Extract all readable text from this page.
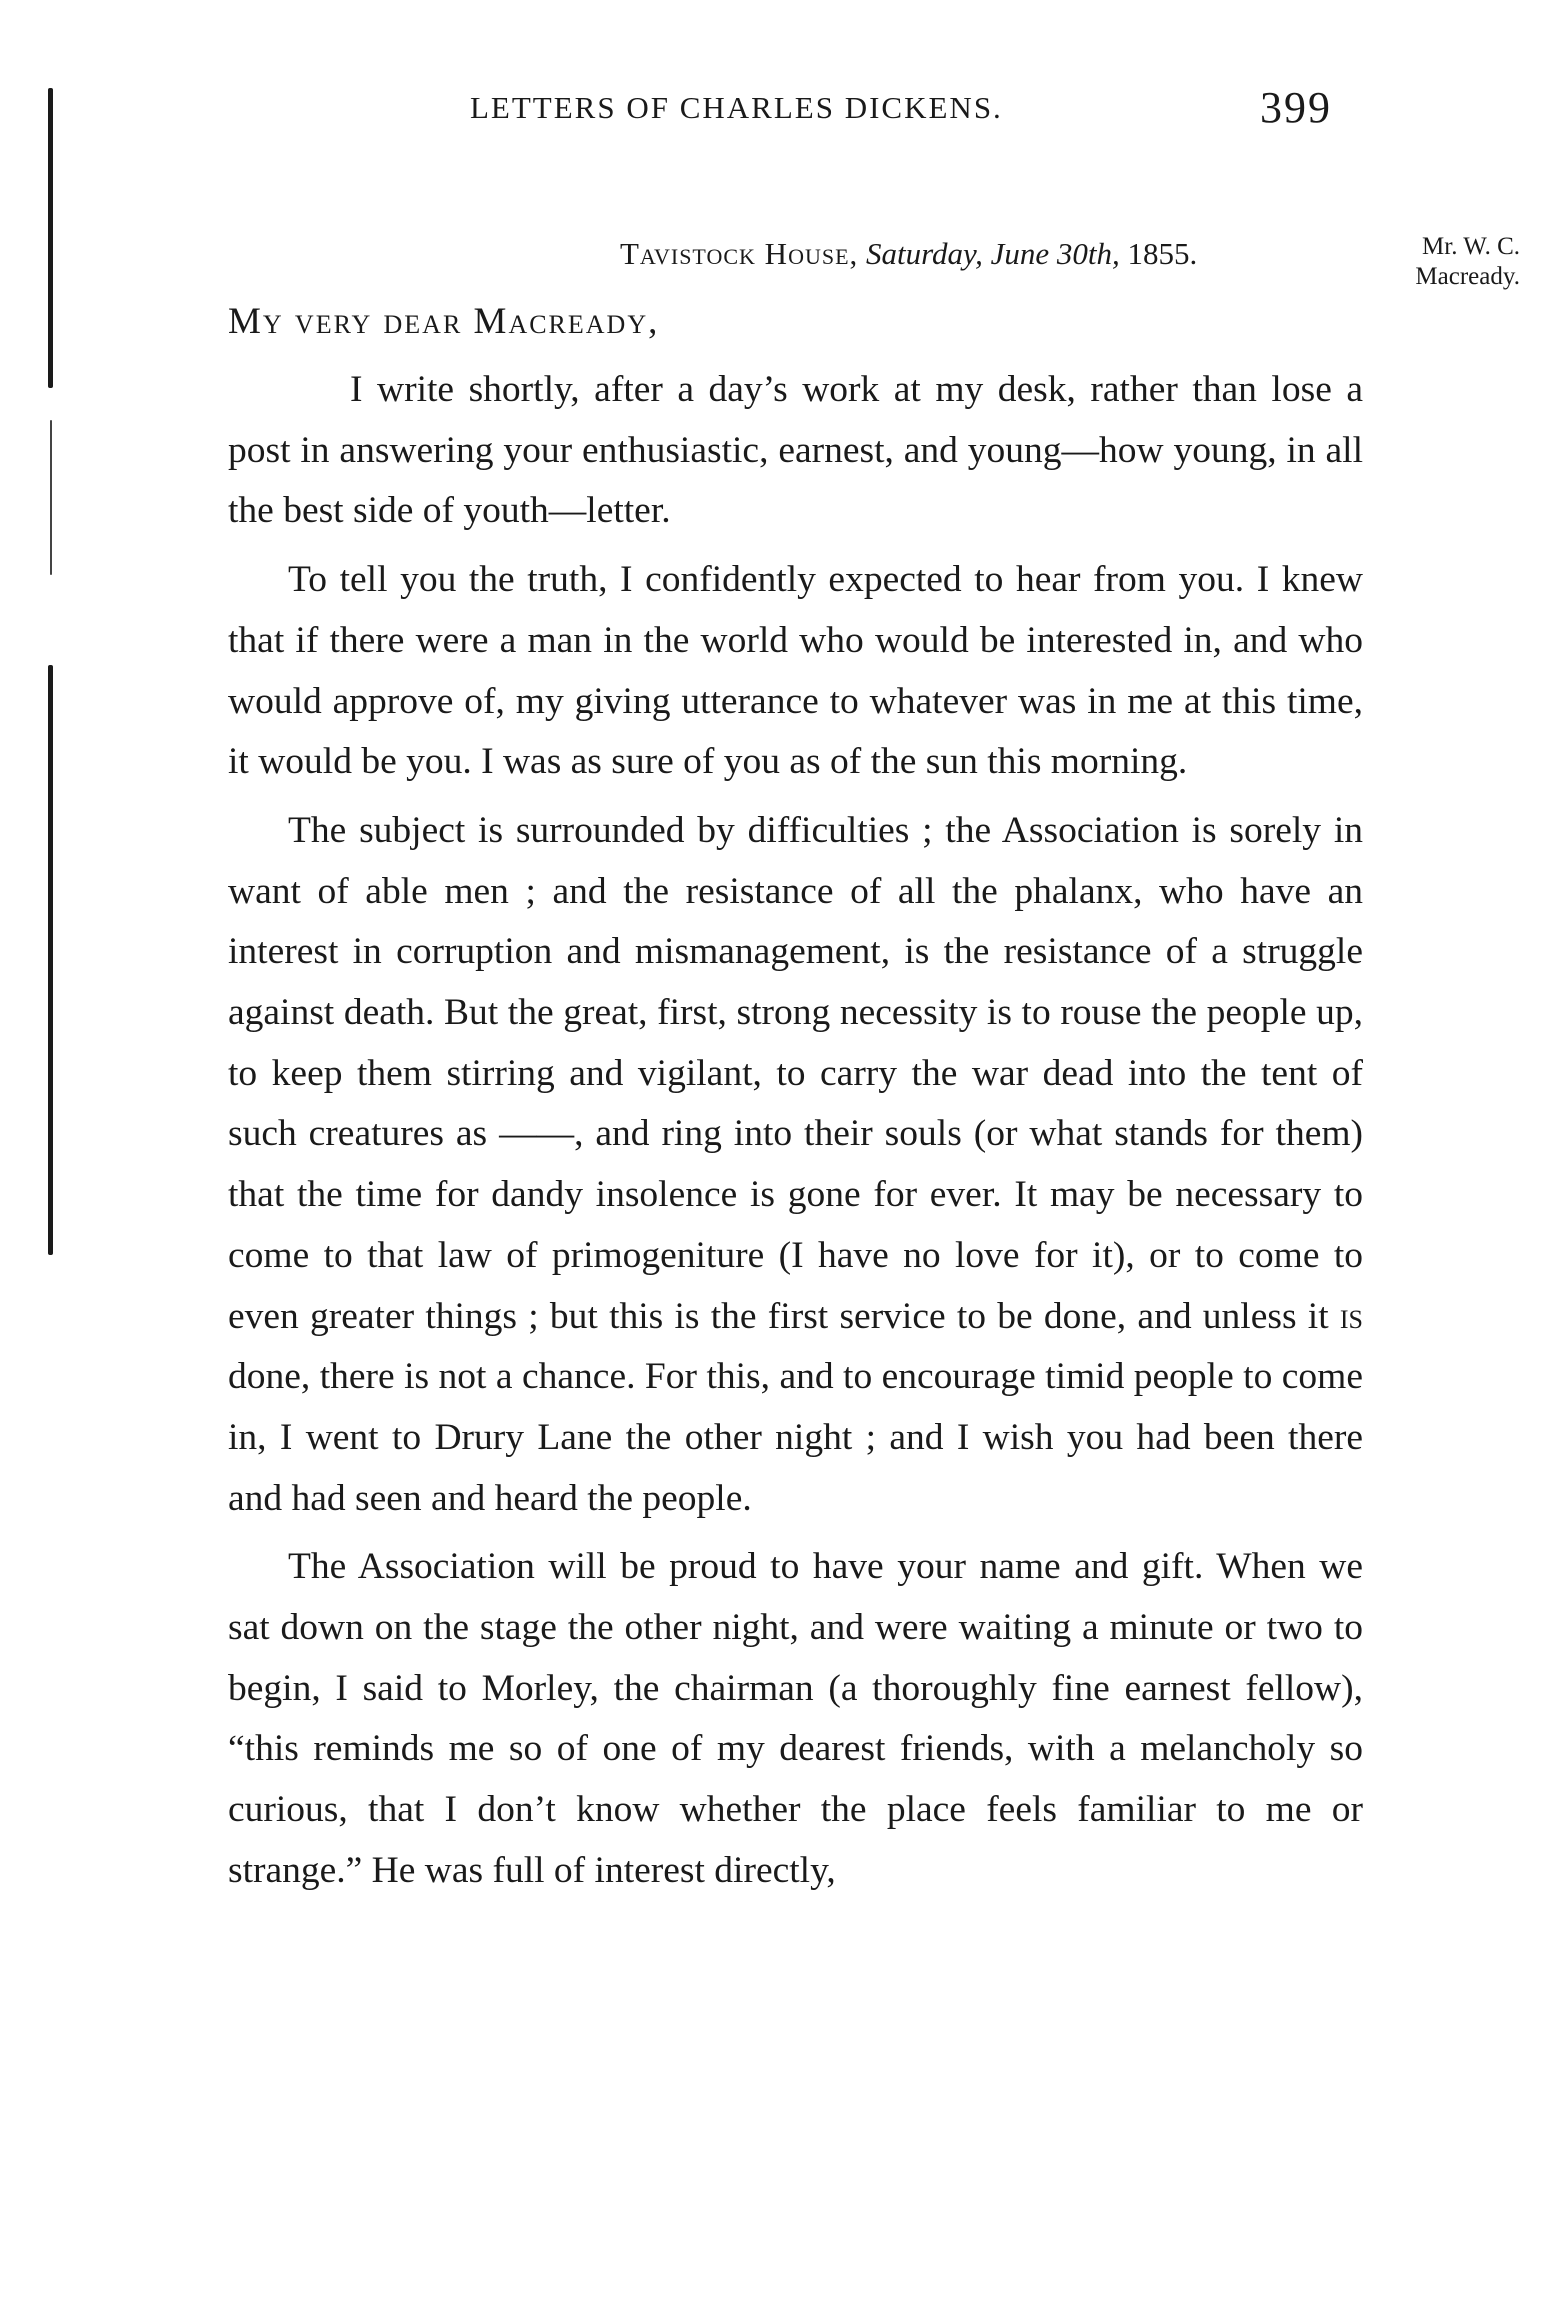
LETTERS OF CHARLES DICKENS.	399
Tavistock House, Saturday, June 30th, 1855.	Mr. W. C.
Macready.
My very dear Macready,

I write shortly, after a day’s work at my desk, rather than lose a post in answering your enthusiastic, earnest, and young—how young, in all the best side of youth—letter.

To tell you the truth, I confidently expected to hear from you. I knew that if there were a man in the world who would be interested in, and who would approve of, my giving utterance to whatever was in me at this time, it would be you. I was as sure of you as of the sun this morning.

The subject is surrounded by difficulties ; the Association is sorely in want of able men ; and the resistance of all the phalanx, who have an interest in corruption and mismanagement, is the resistance of a struggle against death. But the great, first, strong necessity is to rouse the people up, to keep them stirring and vigilant, to carry the war dead into the tent of such creatures as ——, and ring into their souls (or what stands for them) that the time for dandy insolence is gone for ever. It may be necessary to come to that law of primogeniture (I have no love for it), or to come to even greater things ; but this is the first service to be done, and unless it is done, there is not a chance. For this, and to encourage timid people to come in, I went to Drury Lane the other night ; and I wish you had been there and had seen and heard the people.

The Association will be proud to have your name and gift. When we sat down on the stage the other night, and were waiting a minute or two to begin, I said to Morley, the chairman (a thoroughly fine earnest fellow), “this reminds me so of one of my dearest friends, with a melancholy so curious, that I don’t know whether the place feels familiar to me or strange.” He was full of interest directly,
